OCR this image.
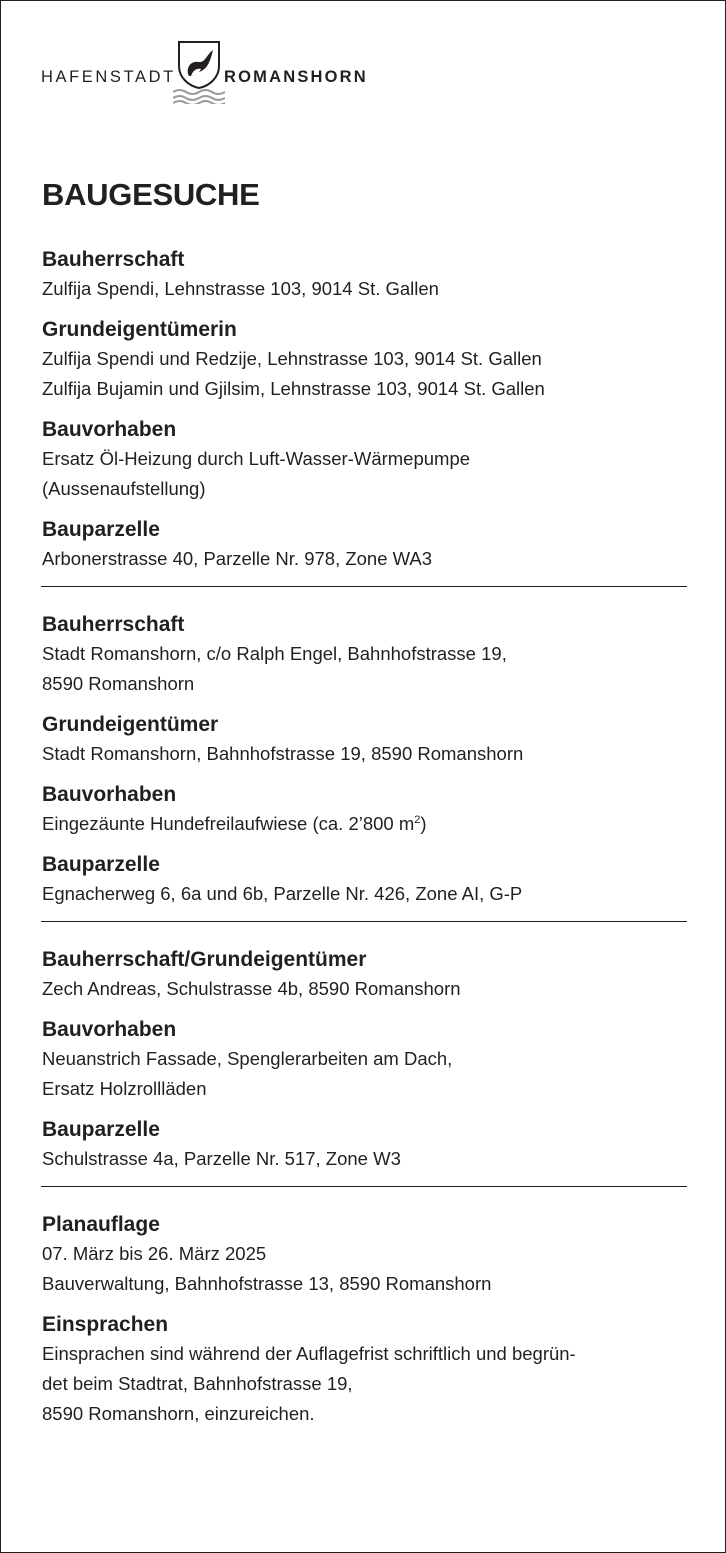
HAFENSTADT	ROMANSHORN
BAUGESUCHE

Bauherrschaft

Zulfija Spendi, Lehnstrasse 103, 9014 St. Gallen

Grundeigentümerin

Zulfija Spendi und Redzije, Lehnstrasse 103, 9014 St. Gallen
Zulfija Bujamin und Gjilsim, Lehnstrasse 103, 9014 St. Gallen

Bauvorhaben

Ersatz Öl-Heizung durch Luft-Wasser-Wärmepumpe
(Aussenaufstellung)

Bauparzelle

Arbonerstrasse 40, Parzelle Nr. 978, Zone WA3

Bauherrschaft

Stadt Romanshorn, c/o Ralph Engel, Bahnhofstrasse 19,
8590 Romanshorn

Grundeigentümer

Stadt Romanshorn, Bahnhofstrasse 19, 8590 Romanshorn

Bauvorhaben

Eingezäunte Hundefreilaufwiese (ca. 2’800 $m^2$)

Bauparzelle

Egnacherweg 6, 6a und 6b, Parzelle Nr. 426, Zone AI, G-P

Bauherrschaft/Grundeigentümer

Zech Andreas, Schulstrasse 4b, 8590 Romanshorn

Bauvorhaben

Neuanstrich Fassade, Spenglerarbeiten am Dach,
Ersatz Holzrollläden

Bauparzelle

Schulstrasse 4a, Parzelle Nr. 517, Zone W3

Planauflage

07. März bis 26. März 2025
Bauverwaltung, Bahnhofstrasse 13, 8590 Romanshorn

Einsprachen

Einsprachen sind während der Auflagefrist schriftlich und begrün-
det beim Stadtrat, Bahnhofstrasse 19,
8590 Romanshorn, einzureichen.
